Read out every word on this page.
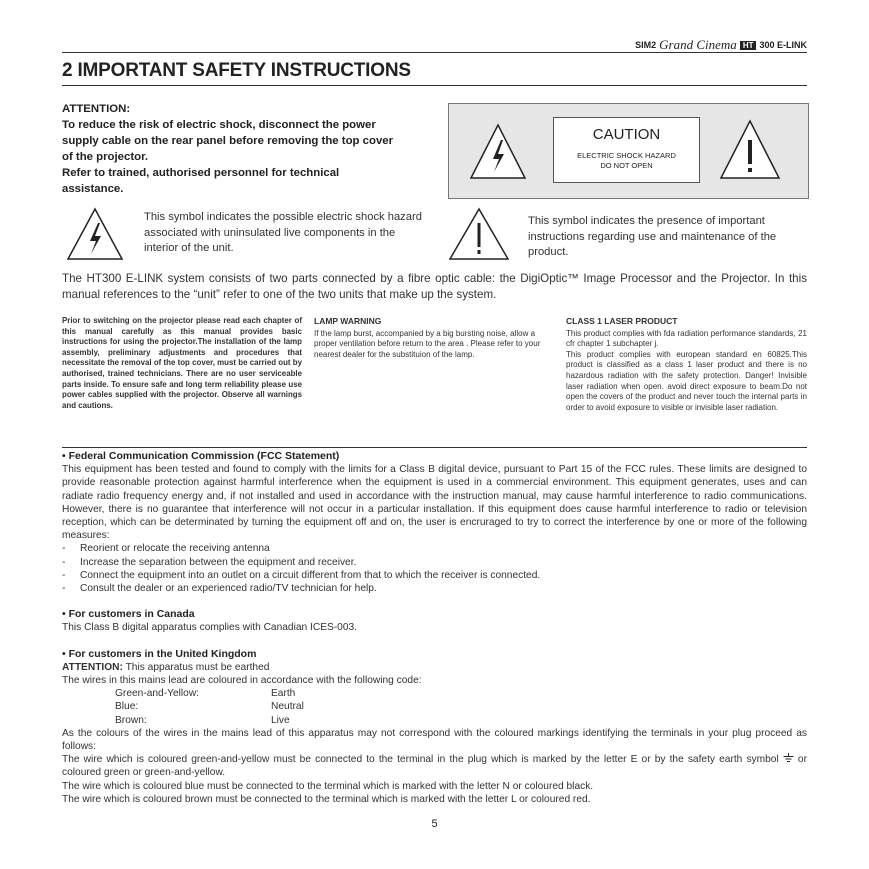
SIM2 Grand Cinema HT 300 E-LINK
2 IMPORTANT SAFETY INSTRUCTIONS
ATTENTION:
To reduce the risk of electric shock, disconnect the power supply cable on the rear panel before removing the top cover of the projector.
Refer to trained, authorised personnel for technical assistance.
CAUTION
ELECTRIC SHOCK HAZARD
DO NOT OPEN
This symbol indicates the possible electric shock hazard associated with uninsulated live components in the interior of the unit.
This symbol indicates the presence of important instructions regarding use and maintenance of the product.
The HT300 E-LINK system consists of two parts connected by a fibre optic cable: the DigiOptic™ Image Processor and the Projector. In this manual references to the “unit” refer to one of the two units that make up the system.
Prior to switching on the projector please read each chapter of this manual carefully as this manual provides basic instructions for using the projector.The installation of the lamp assembly, preliminary adjustments and procedures that necessitate the removal of the top cover, must be carried out by authorised, trained technicians. There are no user serviceable parts inside. To ensure safe and long term reliability please use power cables supplied with the projector. Observe all warnings and cautions.
LAMP WARNING
If the lamp burst, accompanied by a big bursting noise, allow a proper ventilation before return to the area . Please refer to your nearest dealer for the substituion of the lamp.
CLASS 1 LASER PRODUCT
This product complies with fda radiation performance standards, 21 cfr chapter 1 subchapter j.
This product complies with european standard en 60825.This product is classified as a class 1 laser product and there is no hazardous radiation with the safety protection. Danger! Invisible laser radiation when open. avoid direct exposure to beam.Do not open the covers of the product and never touch the internal parts in order to avoid exposure to visible or invisible laser radiation.
• Federal Communication Commission (FCC Statement)

This equipment has been tested and found to comply with the limits for a Class B digital device, pursuant to Part 15 of the FCC rules. These limits are designed to provide reasonable protection against harmful interference when the equipment is used in a commercial environment. This equipment generates, uses and can radiate radio frequency energy and, if not installed and used in accordance with the instruction manual, may cause harmful interference to radio communications. However, there is no guarantee that interference will not occur in a particular installation. If this equipment does cause harmful interference to radio or television reception, which can be determinated by turning the equipment off and on, the user is encruraged to try to correct the interference by one or more of the following measures:

- Reorient or relocate the receiving antenna
- Increase the separation between the equipment and receiver.
- Connect the equipment into an outlet on a circuit different from that to which the receiver is connected.
- Consult the dealer or an experienced radio/TV technician for help.
• For customers in Canada

This Class B digital apparatus complies with Canadian ICES-003.

• For customers in the United Kingdom

ATTENTION: This apparatus must be earthed

The wires in this mains lead are coloured in accordance with the following code:

Green-and-Yellow:	Earth
Blue:	Neutral
Brown:	Live

As the colours of the wires in the mains lead of this apparatus may not correspond with the coloured markings identifying the terminals in your plug proceed as follows:

The wire which is coloured green-and-yellow must be connected to the terminal in the plug which is marked by the letter E or by the safety earth symbol  or coloured green or green-and-yellow.

The wire which is coloured blue must be connected to the terminal which is marked with the letter N or coloured black.

The wire which is coloured brown must be connected to the terminal which is marked with the letter L or coloured red.

5
